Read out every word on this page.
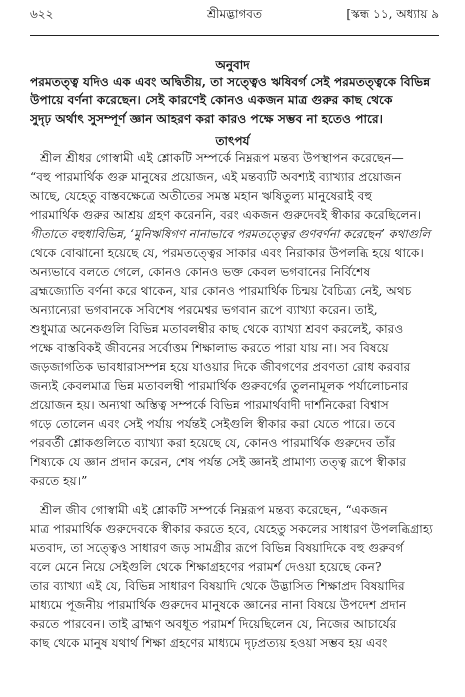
৬২২	শ্রীমদ্ভাগবত	[স্কন্ধ ১১, অধ্যায় ৯
অনুবাদ
পরমতত্ত্ব যদিও এক এবং অদ্বিতীয়, তা সত্ত্বেও ঋষিবর্গ সেই পরমতত্ত্বকে বিভিন্ন
উপায়ে বর্ণনা করেছেন। সেই কারণেই কোনও একজন মাত্র গুরুর কাছ থেকে
সুদৃঢ় অর্থাৎ সুসম্পূর্ণ জ্ঞান আহরণ করা কারও পক্ষে সম্ভব না হতেও পারে।
তাৎপর্য
শ্রীল শ্রীধর গোস্বামী এই শ্লোকটি সম্পর্কে নিম্নরূপ মন্তব্য উপস্থাপন করেছেন—
“বহু পারমার্থিক গুরু মানুষের প্রয়োজন, এই মন্তব্যটি অবশ্যই ব্যাখ্যার প্রয়োজন
আছে, যেহেতু বাস্তবক্ষেত্রে অতীতের সমস্ত মহান ঋষিতুল্য মানুষেরাই বহু
পারমার্থিক গুরুর আশ্রয় গ্রহণ করেননি, বরং একজন গুরুদেবই স্বীকার করেছিলেন।
গীতাতে বহুধাবিভিন্ন, ‘মুনিঋষিগণ নানাভাবে পরমতত্ত্বের গুণবর্ণনা করেছেন’ কথাগুলি
থেকে বোঝানো হয়েছে যে, পরমতত্ত্বের সাকার এবং নিরাকার উপলব্ধি হয়ে থাকে।
অন্যভাবে বলতে গেলে, কোনও কোনও ভক্ত কেবল ভগবানের নির্বিশেষ
ব্রহ্মজ্যোতি বর্ণনা করে থাকেন, যার কোনও পারমার্থিক চিন্ময় বৈচিত্র্য নেই, অথচ
অন্যান্যেরা ভগবানকে সবিশেষ পরমেশ্বর ভগবান রূপে ব্যাখ্যা করেন। তাই,
শুধুমাত্র অনেকগুলি বিভিন্ন মতাবলম্বীর কাছ থেকে ব্যাখ্যা শ্রবণ করলেই, কারও
পক্ষে বাস্তবিকই জীবনের সর্বোত্তম শিক্ষালাভ করতে পারা যায় না। সব বিষয়ে
জড়জাগতিক ভাবধারাসম্পন্ন হয়ে যাওয়ার দিকে জীবগণের প্রবণতা রোধ করবার
জন্যই কেবলমাত্র ভিন্ন মতাবলম্বী পারমার্থিক গুরুবর্গের তুলনামূলক পর্যালোচনার
প্রয়োজন হয়। অন্যথা অস্তিত্ব সম্পর্কে বিভিন্ন পারমার্থবাদী দার্শনিকেরা বিশ্বাস
গড়ে তোলেন এবং সেই পর্যায় পর্যন্তই সেইগুলি স্বীকার করা যেতে পারে। তবে
পরবর্তী শ্লোকগুলিতে ব্যাখ্যা করা হয়েছে যে, কোনও পারমার্থিক গুরুদেব তাঁর
শিষ্যকে যে জ্ঞান প্রদান করেন, শেষ পর্যন্ত সেই জ্ঞানই প্রামাণ্য তত্ত্ব রূপে স্বীকার
করতে হয়।”
শ্রীল জীব গোস্বামী এই শ্লোকটি সম্পর্কে নিম্নরূপ মন্তব্য করেছেন, “একজন
মাত্র পারমার্থিক গুরুদেবকে স্বীকার করতে হবে, যেহেতু সকলের সাধারণ উপলব্ধিগ্রাহ্য
মতবাদ, তা সত্ত্বেও সাধারণ জড় সামগ্রীর রূপে বিভিন্ন বিষয়াদিকে বহু গুরুবর্গ
বলে মেনে নিয়ে সেইগুলি থেকে শিক্ষাগ্রহণের পরামর্শ দেওয়া হয়েছে কেন?
তার ব্যাখ্যা এই যে, বিভিন্ন সাধারণ বিষয়াদি থেকে উদ্ভাসিত শিক্ষাপ্রদ বিষয়াদির
মাধ্যমে পূজনীয় পারমার্থিক গুরুদেব মানুষকে জ্ঞানের নানা বিষয়ে উপদেশ প্রদান
করতে পারবেন। তাই ব্রাহ্মণ অবধূত পরামর্শ দিয়েছিলেন যে, নিজের আচার্যের
কাছ থেকে মানুষ যথার্থ শিক্ষা গ্রহণের মাধ্যমে দৃঢ়প্রত্যয় হওয়া সম্ভব হয় এবং
